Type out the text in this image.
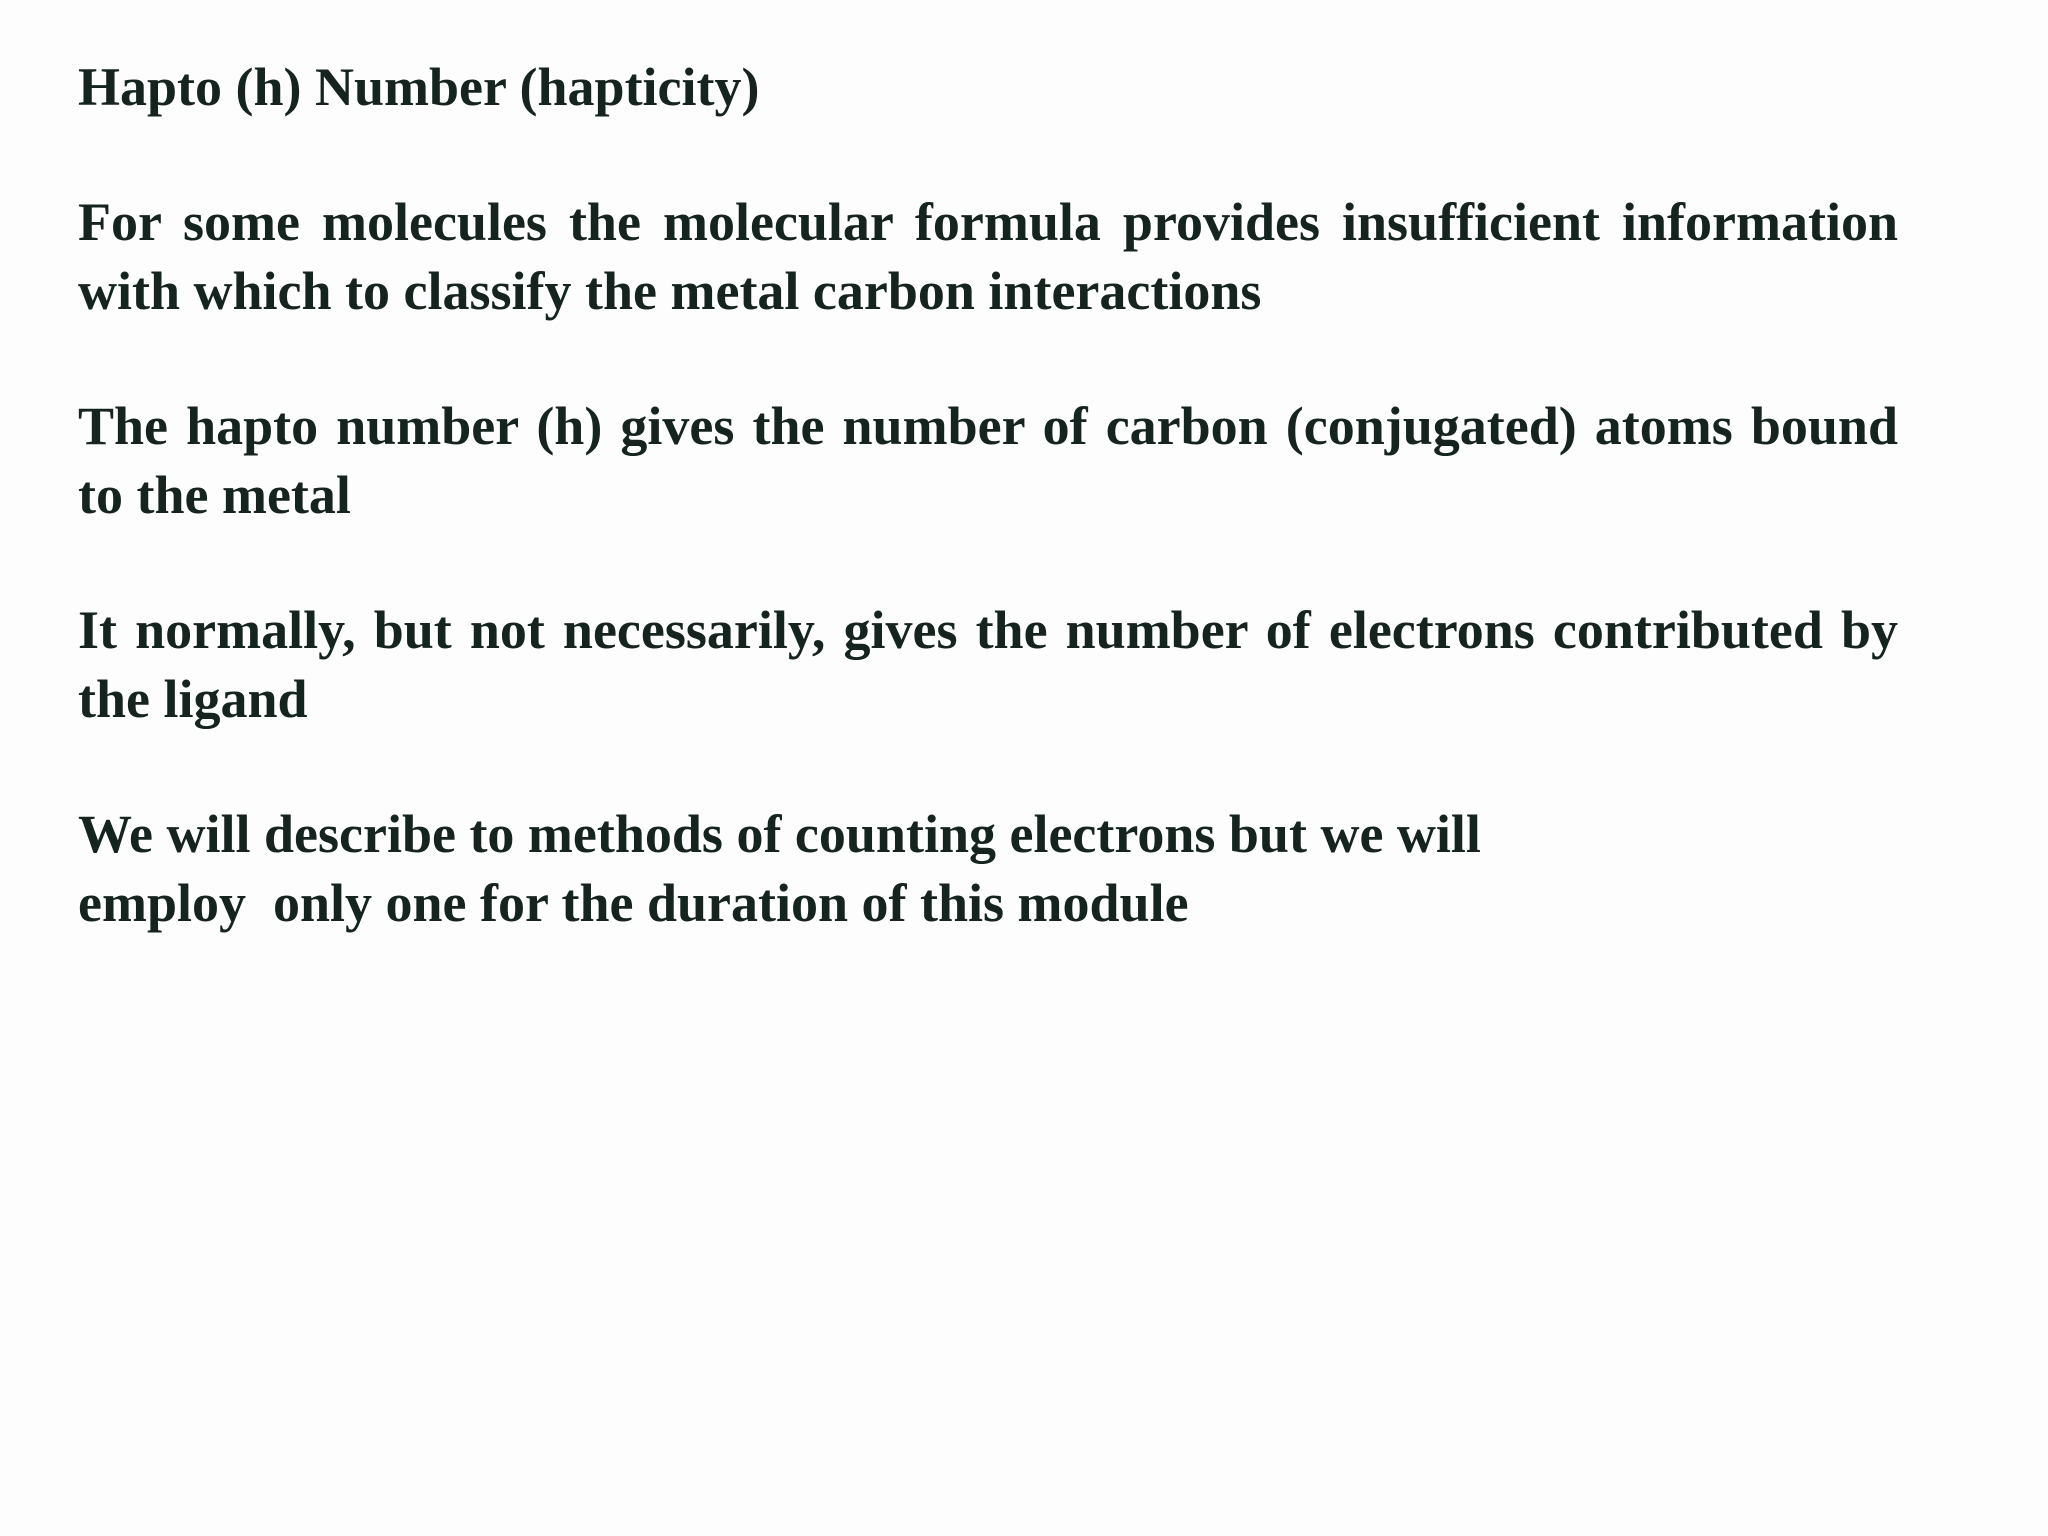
Hapto (h) Number (hapticity)

For some molecules the molecular formula provides insufficient information with which to classify the metal carbon interactions

The hapto number (h) gives the number of carbon (conjugated) atoms bound to the metal

It normally, but not necessarily, gives the number of electrons contributed by the ligand

We will describe to methods of counting electrons but we will
employ  only one for the duration of this module
